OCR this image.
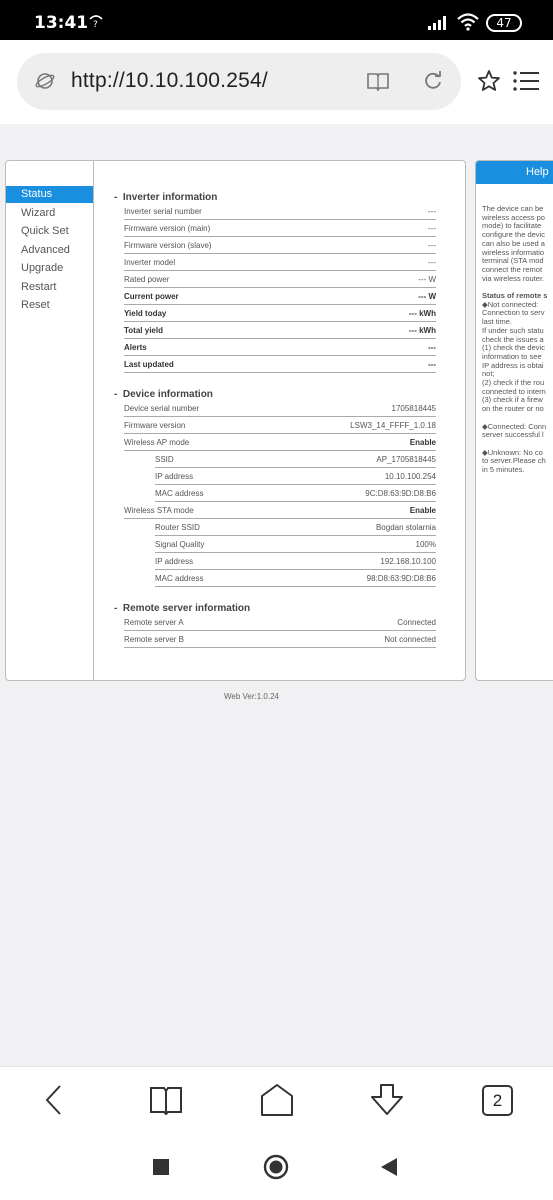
13:41 ?	47
http://10.10.100.254/
Status
Wizard
Quick Set
Advanced
Upgrade
Restart
Reset
-  Inverter information
Inverter serial number	---
Firmware version (main)	---
Firmware version (slave)	---
Inverter model	---
Rated power	--- W
Current power	--- W
Yield today	--- kWh
Total yield	--- kWh
Alerts	---
Last updated	---
-  Device information
Device serial number	1705818445
Firmware version	LSW3_14_FFFF_1.0.18
Wireless AP mode	Enable
SSID	AP_1705818445
IP address	10.10.100.254
MAC address	9C:D8:63:9D:D8:B6
Wireless STA mode	Enable
Router SSID	Bogdan stolarnia
Signal Quality	100%
IP address	192.168.10.100
MAC address	98:D8:63:9D:D8:B6
-  Remote server information
Remote server A	Connected
Remote server B	Not connected
Help
The device can be
wireless access po
mode) to facilitate
configure the devic
can also be used a
wireless informatio
terminal (STA mod
connect the remot
via wireless router.
Status of remote s
◆Not connected:
Connection to serv
last time.
If under such statu
check the issues a
(1) check the devic
information to see
IP address is obtai
not;
(2) check if the rou
connected to intern
(3) check if a firew
on the router or no
◆Connected: Conn
server successful l
◆Unknown: No co
to server.Please ch
in 5 minutes.
Web Ver:1.0.24
2
